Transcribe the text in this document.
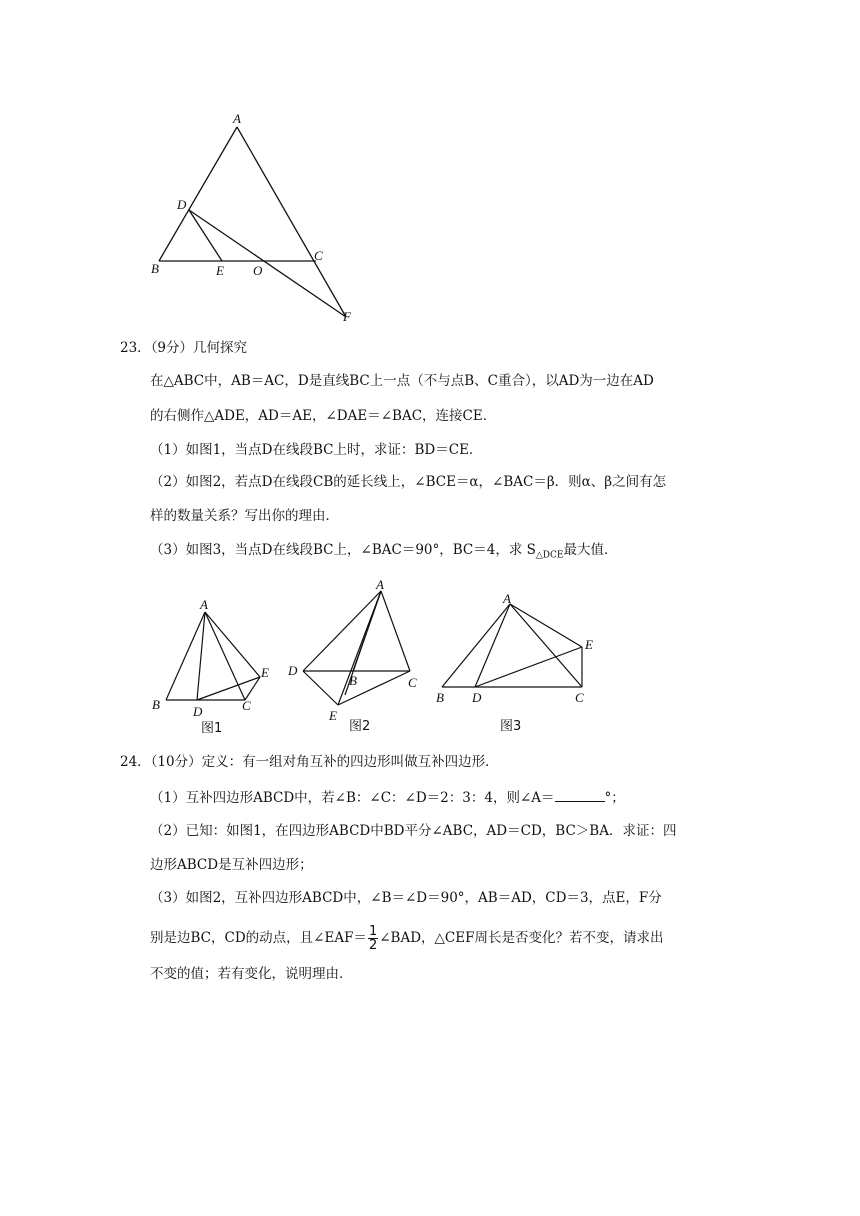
A
D
B	E O
C
F
23．（9分）几何探究
在△ABC中，AB＝AC，D是直线BC上一点（不与点B、C重合），以AD为一边在AD
的右侧作△ADE，AD＝AE，∠DAE＝∠BAC，连接CE．
（1）如图1，当点D在线段BC上时，求证：BD＝CE．
（2）如图2，若点D在线段CB的延长线上，∠BCE＝α，∠BAC＝β．则α、β之间有怎
样的数量关系？写出你的理由．
（3）如图3，当点D在线段BC上，∠BAC＝90°，BC＝4，求 $S_{\triangle DCE}$最大值．
A
E
B	D	C
图1
A
D
B	C
E
图2
A
E
B D	C
图3
24．（10分）定义：有一组对角互补的四边形叫做互补四边形．
（1）互补四边形ABCD中，若∠B：∠C：∠D＝2：3：4，则∠A＝	°；
（2）已知：如图1，在四边形ABCD中BD平分∠ABC，AD＝CD，BC＞BA．求证：四
边形ABCD是互补四边形；
（3）如图2，互补四边形ABCD中，∠B＝∠D＝90°，AB＝AD，CD＝3，点E，F分
别是边BC，CD的动点，且∠EAF＝ $\frac{1}{2}$ ∠BAD，△CEF周长是否变化？若不变，请求出
不变的值；若有变化，说明理由．
